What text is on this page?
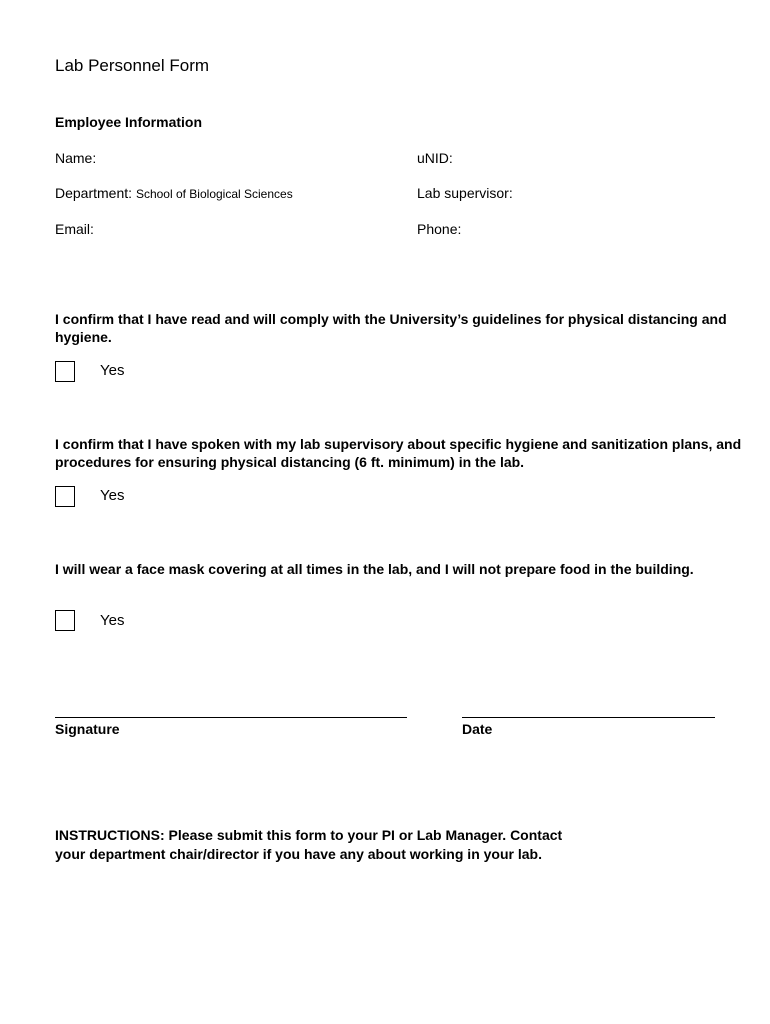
Lab Personnel Form
Employee Information
Name:	uNID:
Department: School of Biological Sciences	Lab supervisor:
Email:	Phone:
I confirm that I have read and will comply with the University’s guidelines for physical distancing and hygiene.
Yes
I confirm that I have spoken with my lab supervisory about specific hygiene and sanitization plans, and procedures for ensuring physical distancing (6 ft. minimum) in the lab.
Yes
I will wear a face mask covering at all times in the lab, and I will not prepare food in the building.
Yes
Signature	Date
INSTRUCTIONS: Please submit this form to your PI or Lab Manager. Contact
your department chair/director if you have any about working in your lab.
